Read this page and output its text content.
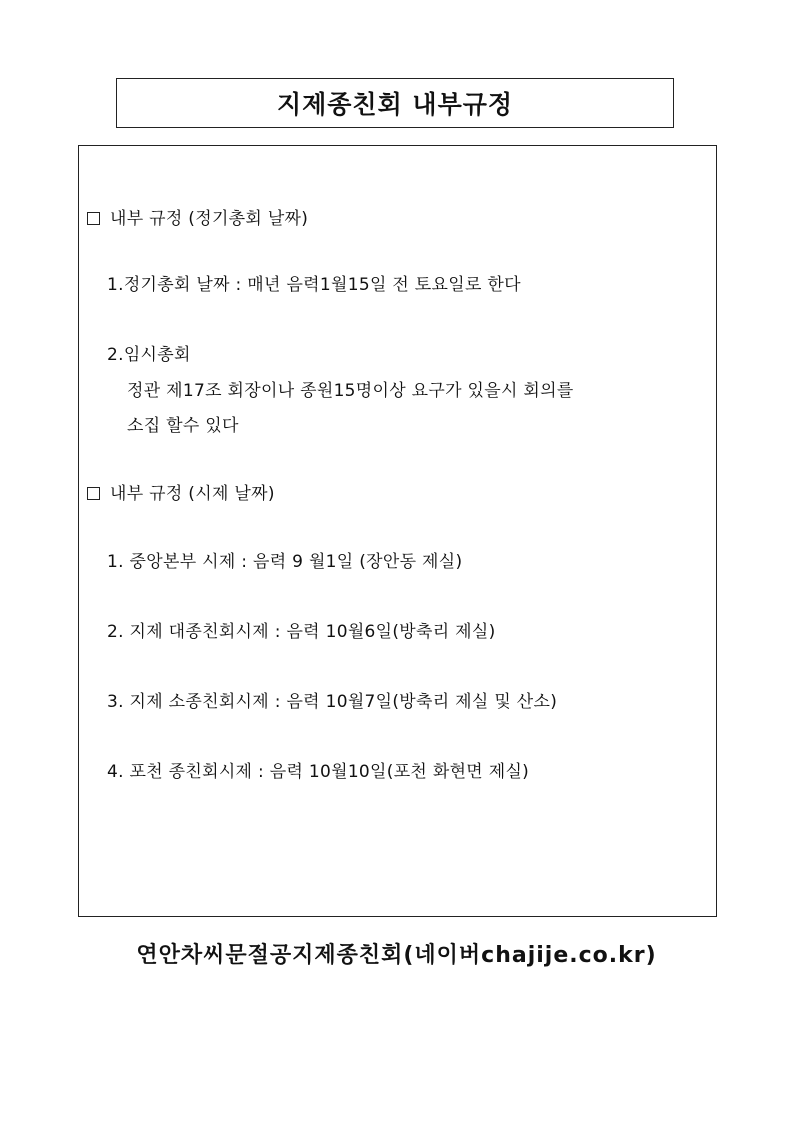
지제종친회 내부규정
내부 규정 (정기총회 날짜)
1.정기총회 날짜 : 매년 음력1월15일 전 토요일로 한다
2.임시총회
정관 제17조 회장이나 종원15명이상 요구가 있을시 회의를
소집 할수 있다
내부 규정 (시제 날짜)
1. 중앙본부 시제 : 음력 9 월1일 (장안동 제실)
2. 지제 대종친회시제 : 음력 10월6일(방축리 제실)
3. 지제 소종친회시제 : 음력 10월7일(방축리 제실 및 산소)
4. 포천 종친회시제 : 음력 10월10일(포천 화현면 제실)
연안차씨문절공지제종친회(네이버chajije.co.kr)
